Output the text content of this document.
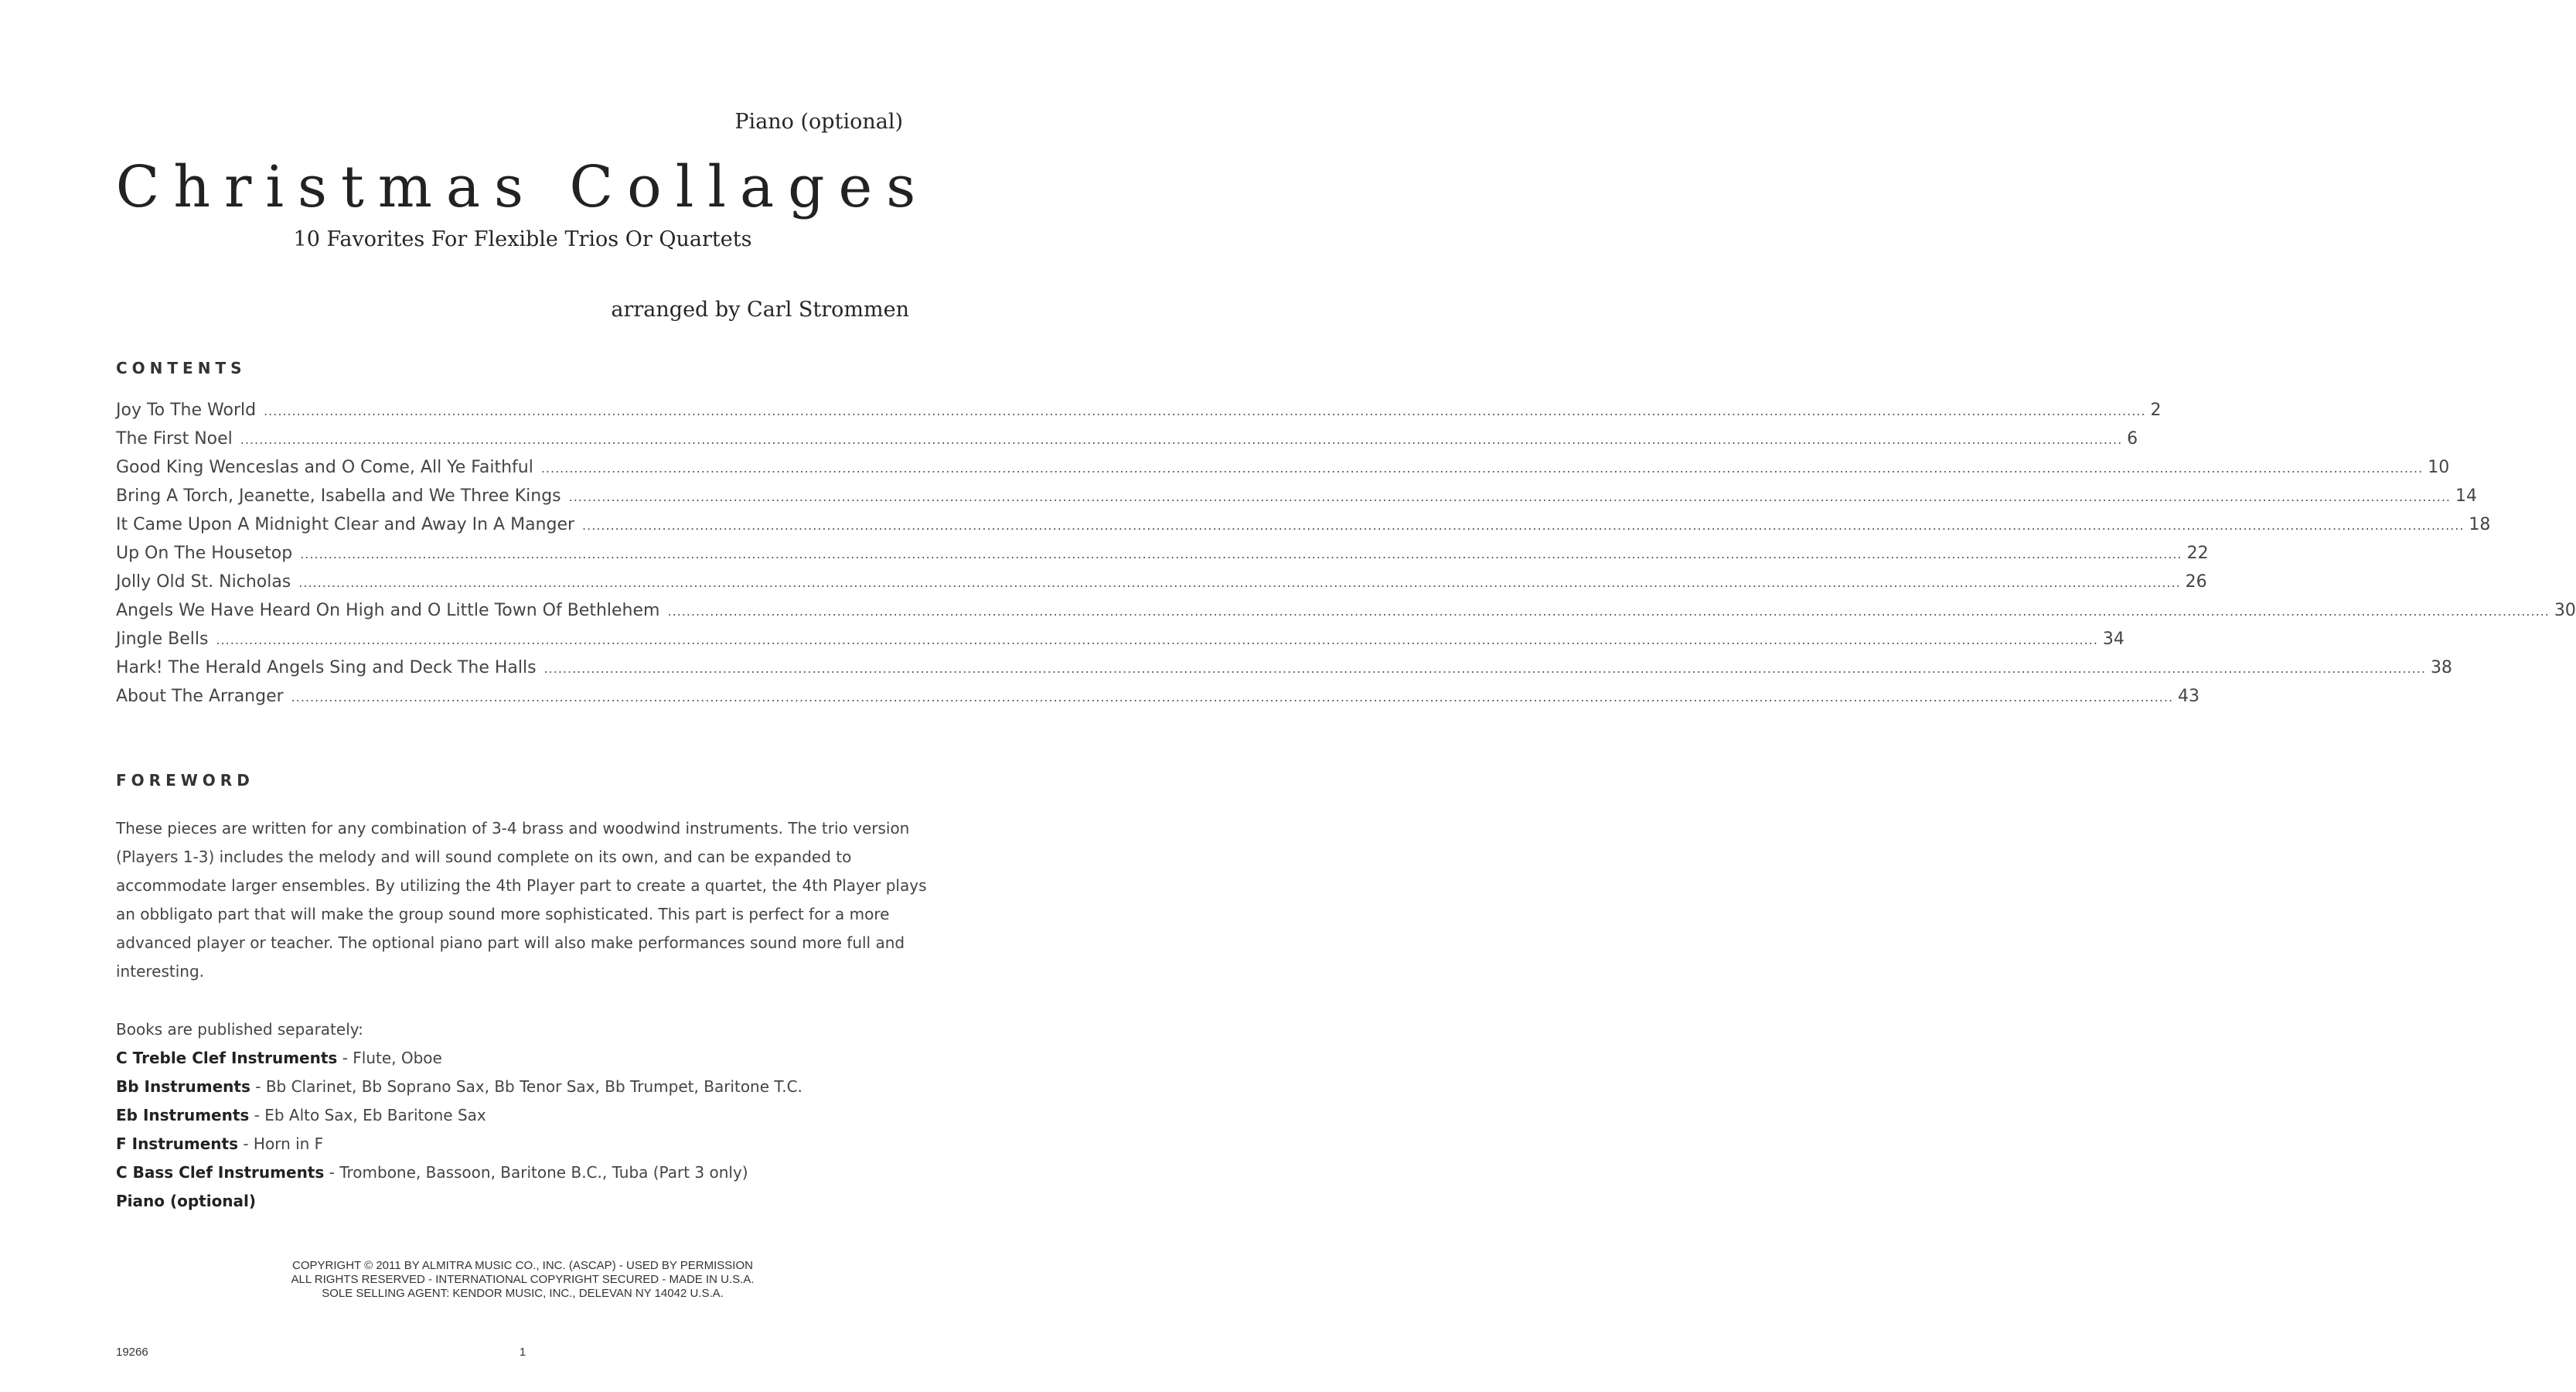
Piano (optional)
Christmas Collages
10 Favorites For Flexible Trios Or Quartets
arranged by Carl Strommen
CONTENTS
Joy To The World ................................................................................................................................................................................................................................................................................................................................................................................................................ 2
The First Noel ................................................................................................................................................................................................................................................................................................................................................................................................................ 6
Good King Wenceslas and O Come, All Ye Faithful ................................................................................................................................................................................................................................................................................................................................................................................................................ 10
Bring A Torch, Jeanette, Isabella and We Three Kings ................................................................................................................................................................................................................................................................................................................................................................................................................ 14
It Came Upon A Midnight Clear and Away In A Manger ................................................................................................................................................................................................................................................................................................................................................................................................................ 18
Up On The Housetop ................................................................................................................................................................................................................................................................................................................................................................................................................ 22
Jolly Old St. Nicholas ................................................................................................................................................................................................................................................................................................................................................................................................................ 26
Angels We Have Heard On High and O Little Town Of Bethlehem ................................................................................................................................................................................................................................................................................................................................................................................................................ 30
Jingle Bells ................................................................................................................................................................................................................................................................................................................................................................................................................ 34
Hark! The Herald Angels Sing and Deck The Halls ................................................................................................................................................................................................................................................................................................................................................................................................................ 38
About The Arranger ................................................................................................................................................................................................................................................................................................................................................................................................................ 43
FOREWORD
These pieces are written for any combination of 3-4 brass and woodwind instruments. The trio version (Players 1-3) includes the melody and will sound complete on its own, and can be expanded to accommodate larger ensembles. By utilizing the 4th Player part to create a quartet, the 4th Player plays an obbligato part that will make the group sound more sophisticated. This part is perfect for a more advanced player or teacher. The optional piano part will also make performances sound more full and interesting.
Books are published separately:
C Treble Clef Instruments - Flute, Oboe
Bb Instruments - Bb Clarinet, Bb Soprano Sax, Bb Tenor Sax, Bb Trumpet, Baritone T.C.
Eb Instruments - Eb Alto Sax, Eb Baritone Sax
F Instruments - Horn in F
C Bass Clef Instruments - Trombone, Bassoon, Baritone B.C., Tuba (Part 3 only)
Piano (optional)
COPYRIGHT © 2011 BY ALMITRA MUSIC CO., INC. (ASCAP) - USED BY PERMISSION
ALL RIGHTS RESERVED - INTERNATIONAL COPYRIGHT SECURED - MADE IN U.S.A.
SOLE SELLING AGENT: KENDOR MUSIC, INC., DELEVAN NY 14042 U.S.A.
19266	1
